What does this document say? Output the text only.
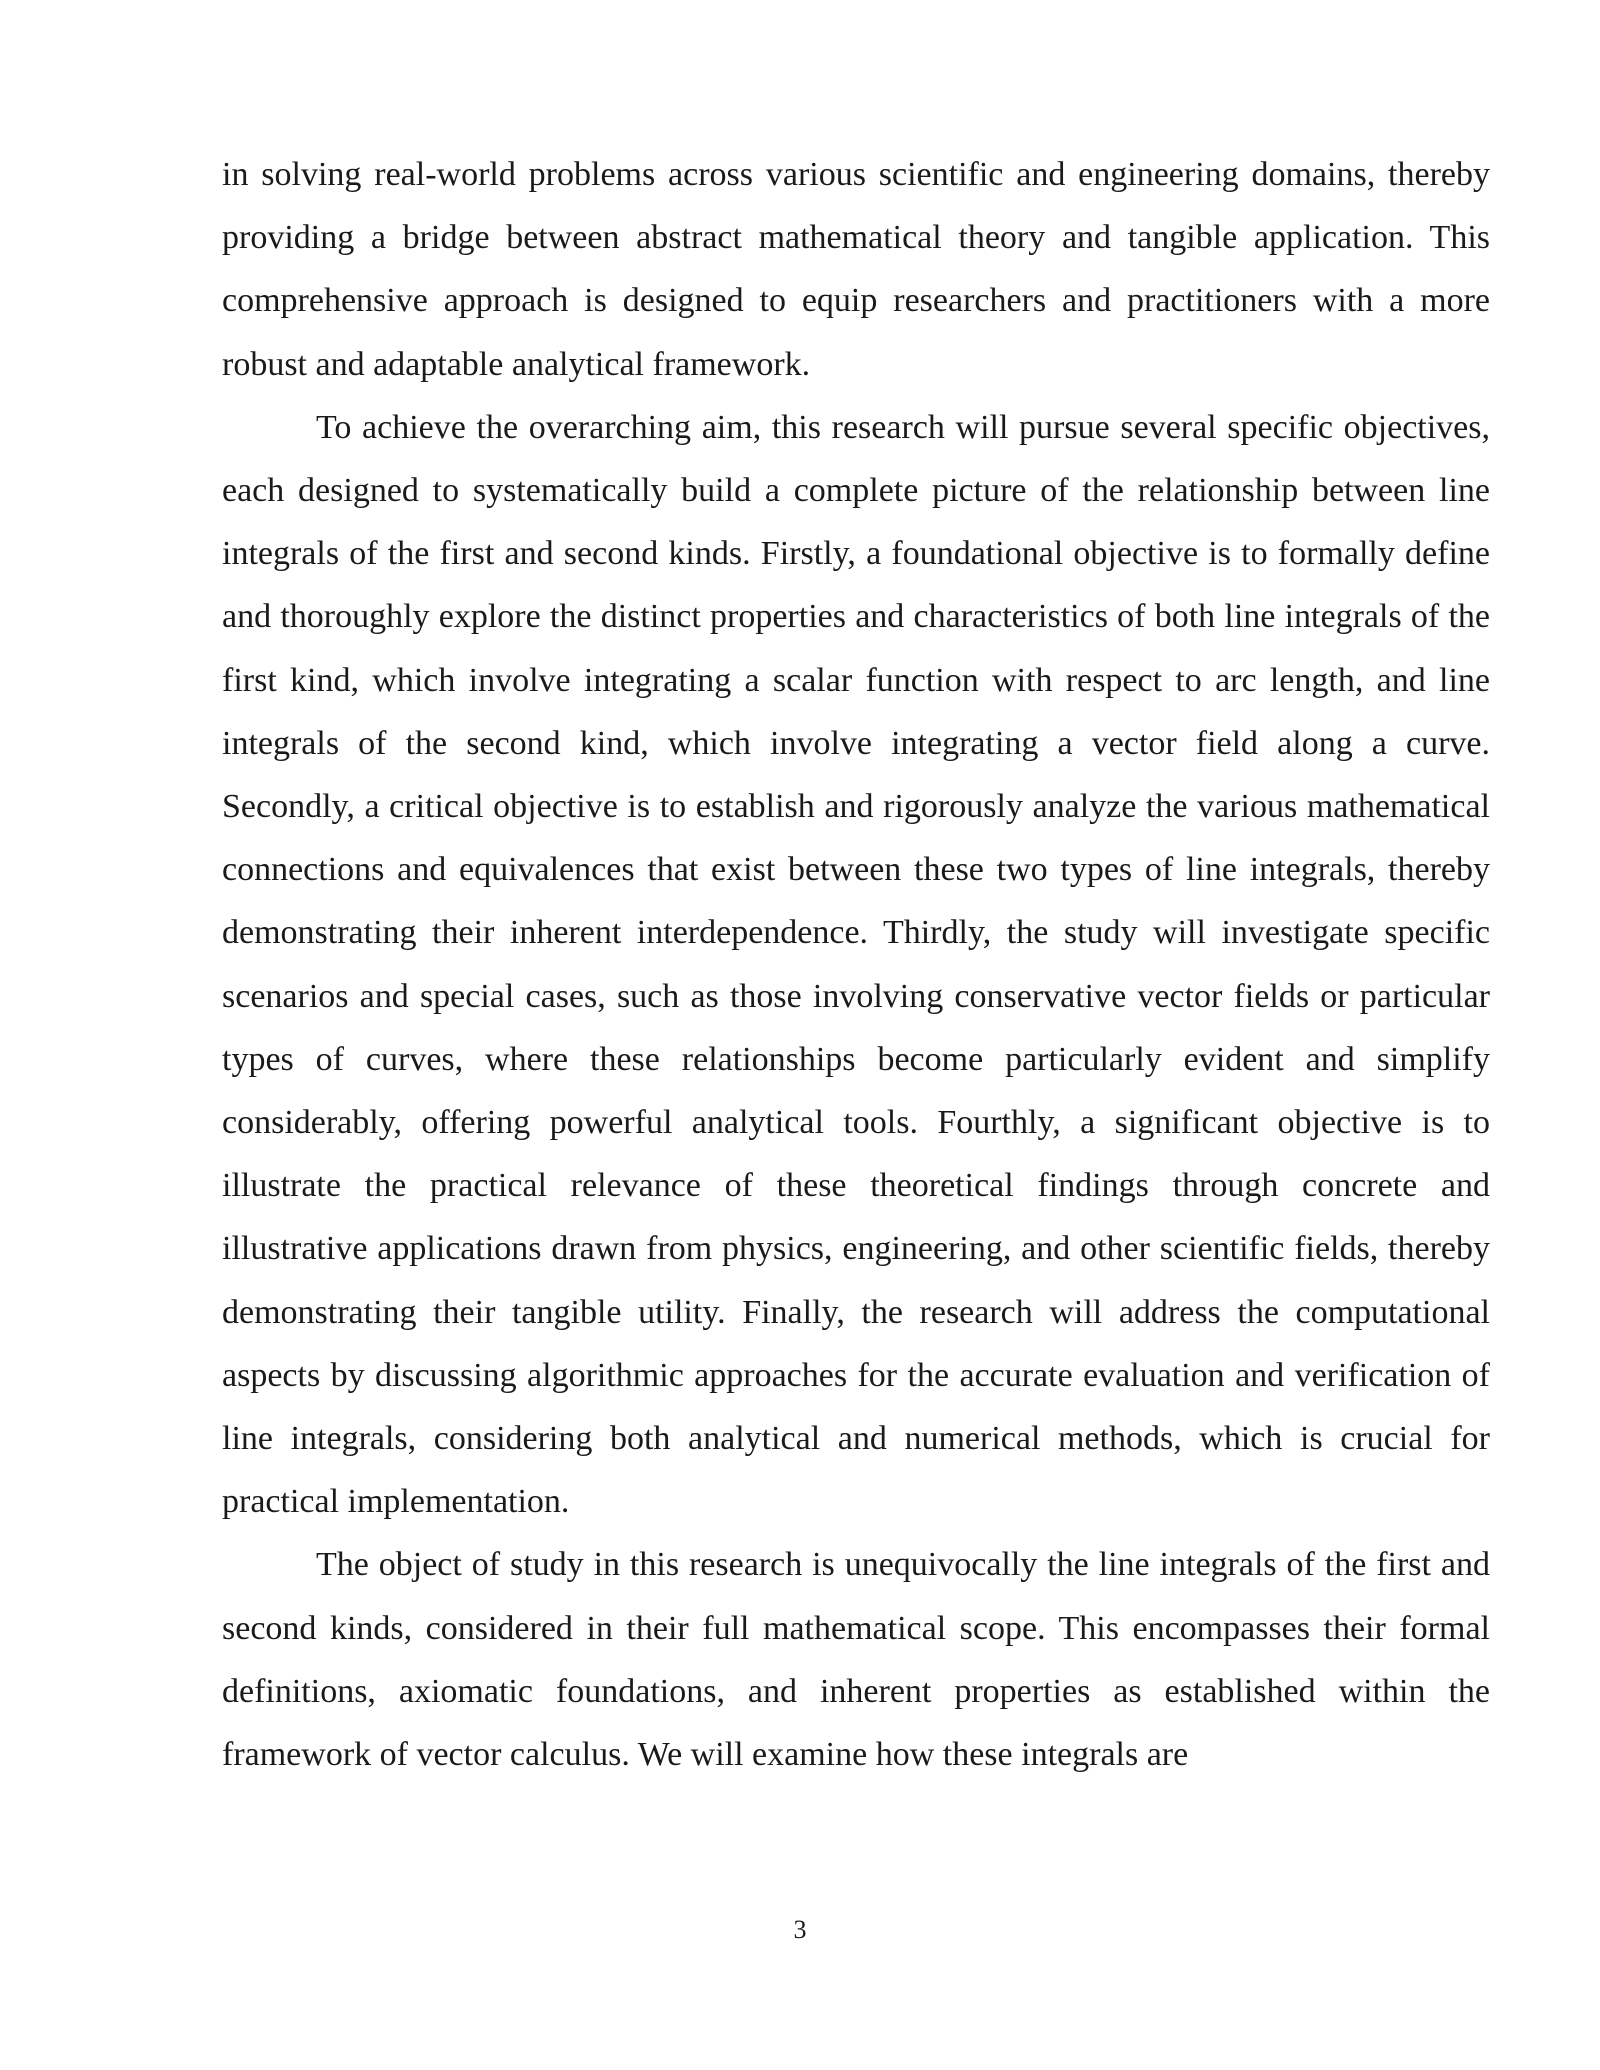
in solving real-world problems across various scientific and engineering domains, thereby providing a bridge between abstract mathematical theory and tangible application. This comprehensive approach is designed to equip researchers and practitioners with a more robust and adaptable analytical framework.

To achieve the overarching aim, this research will pursue several specific objectives, each designed to systematically build a complete picture of the relationship between line integrals of the first and second kinds. Firstly, a foundational objective is to formally define and thoroughly explore the distinct properties and characteristics of both line integrals of the first kind, which involve integrating a scalar function with respect to arc length, and line integrals of the second kind, which involve integrating a vector field along a curve. Secondly, a critical objective is to establish and rigorously analyze the various mathematical connections and equivalences that exist between these two types of line integrals, thereby demonstrating their inherent interdependence. Thirdly, the study will investigate specific scenarios and special cases, such as those involving conservative vector fields or particular types of curves, where these relationships become particularly evident and simplify considerably, offering powerful analytical tools. Fourthly, a significant objective is to illustrate the practical relevance of these theoretical findings through concrete and illustrative applications drawn from physics, engineering, and other scientific fields, thereby demonstrating their tangible utility. Finally, the research will address the computational aspects by discussing algorithmic approaches for the accurate evaluation and verification of line integrals, considering both analytical and numerical methods, which is crucial for practical implementation.

The object of study in this research is unequivocally the line integrals of the first and second kinds, considered in their full mathematical scope. This encompasses their formal definitions, axiomatic foundations, and inherent properties as established within the framework of vector calculus. We will examine how these integrals are

3
